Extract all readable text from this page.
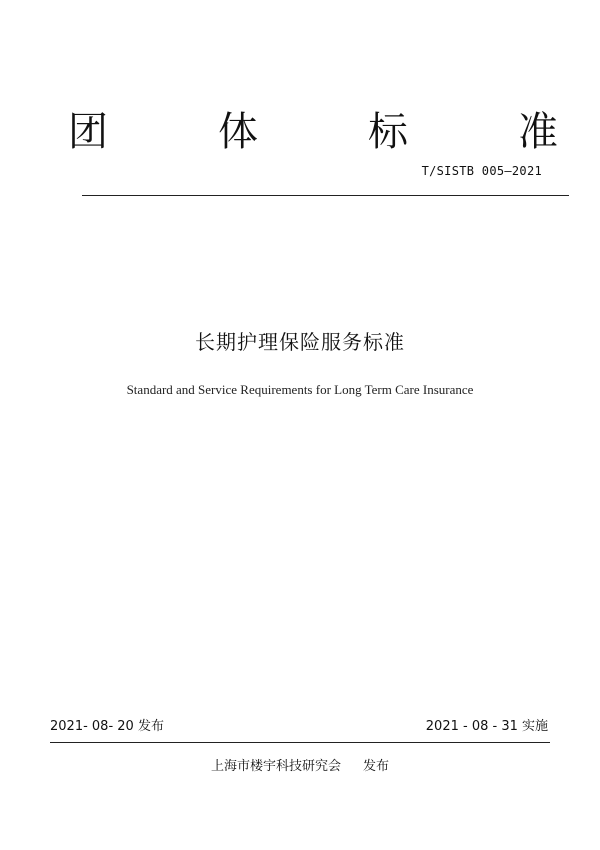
团	体	标	准
T/SISTB 005—2021
长期护理保险服务标准
Standard and Service Requirements for Long Term Care Insurance
2021- 08- 20 发布	2021 - 08 - 31 实施
上海市楼宇科技研究会 发布
